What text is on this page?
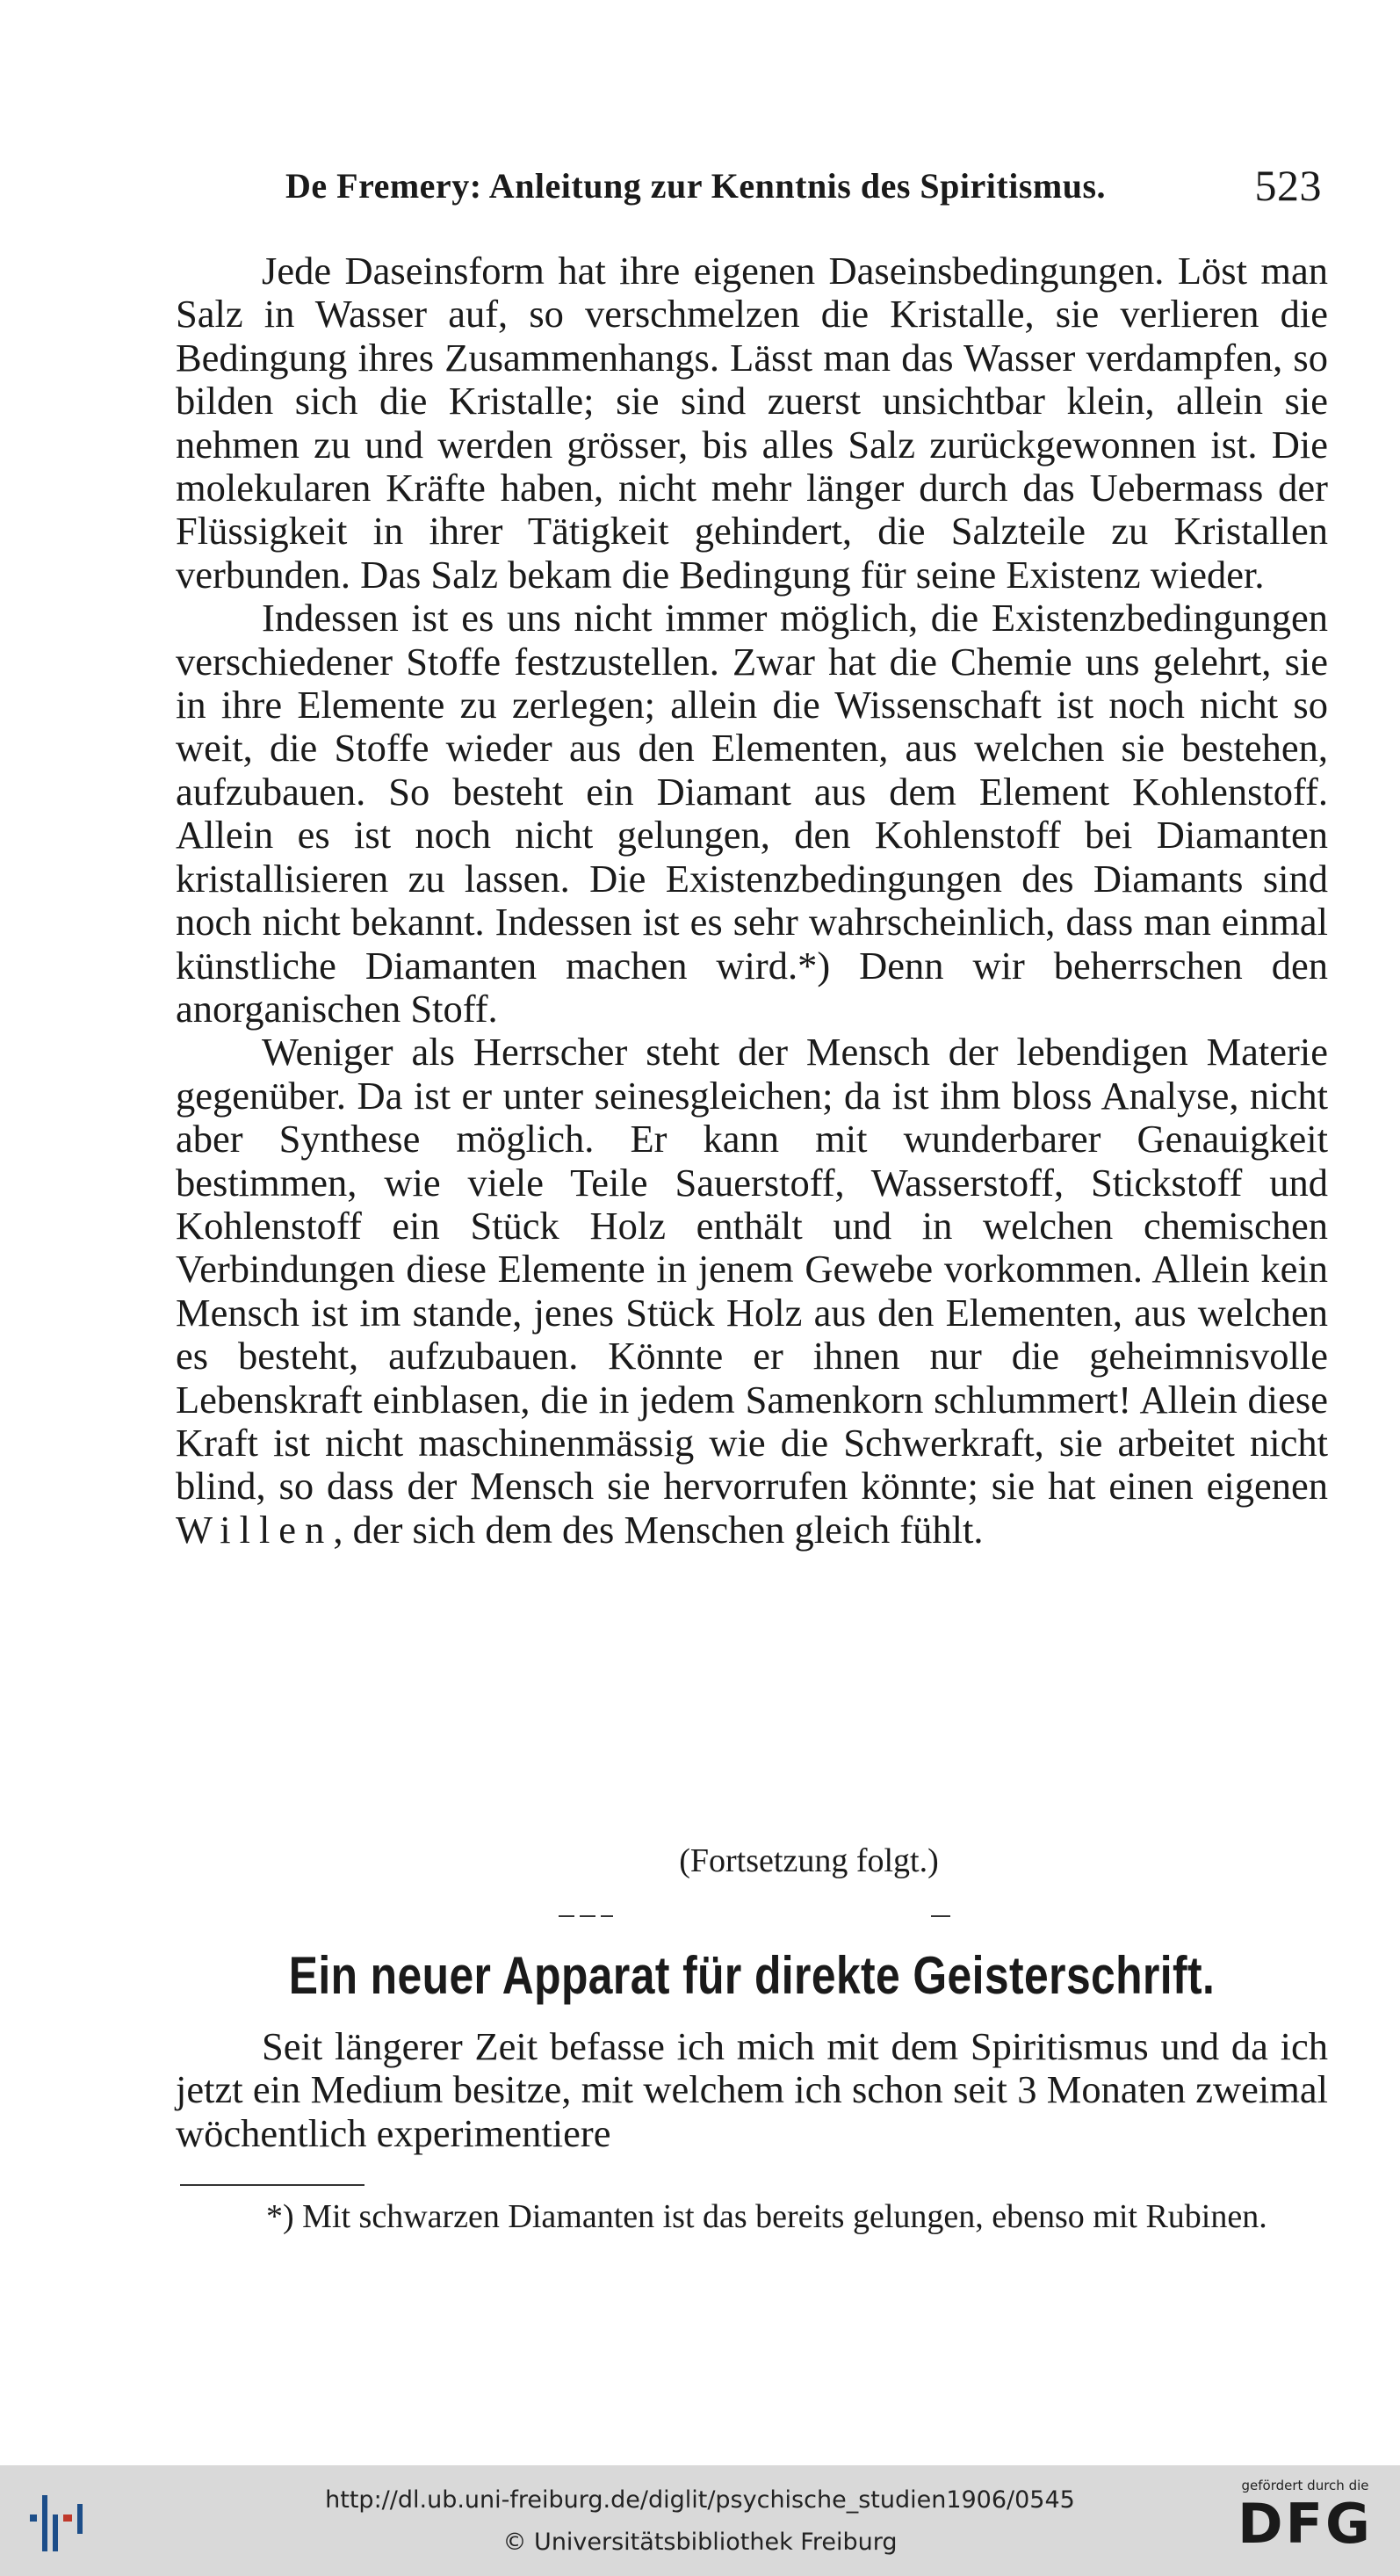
De Fremery: Anleitung zur Kenntnis des Spiritismus.	523

Jede Daseinsform hat ihre eigenen Daseinsbedingungen. Löst man Salz in Wasser auf, so verschmelzen die Kristalle, sie verlieren die Bedingung ihres Zusammenhangs. Lässt man das Wasser verdampfen, so bilden sich die Kristalle; sie sind zuerst unsichtbar klein, allein sie nehmen zu und werden grösser, bis alles Salz zurückgewonnen ist. Die molekularen Kräfte haben, nicht mehr länger durch das Uebermass der Flüssigkeit in ihrer Tätigkeit gehindert, die Salzteile zu Kristallen verbunden. Das Salz bekam die Bedingung für seine Existenz wieder.

Indessen ist es uns nicht immer möglich, die Existenzbedingungen verschiedener Stoffe festzustellen. Zwar hat die Chemie uns gelehrt, sie in ihre Elemente zu zerlegen; allein die Wissenschaft ist noch nicht so weit, die Stoffe wieder aus den Elementen, aus welchen sie bestehen, aufzubauen. So besteht ein Diamant aus dem Element Kohlenstoff. Allein es ist noch nicht gelungen, den Kohlenstoff bei Diamanten kristallisieren zu lassen. Die Existenzbedingungen des Diamants sind noch nicht bekannt. Indessen ist es sehr wahrscheinlich, dass man einmal künstliche Diamanten machen wird.*) Denn wir beherrschen den anorganischen Stoff.

Weniger als Herrscher steht der Mensch der lebendigen Materie gegenüber. Da ist er unter seinesgleichen; da ist ihm bloss Analyse, nicht aber Synthese möglich. Er kann mit wunderbarer Genauigkeit bestimmen, wie viele Teile Sauerstoff, Wasserstoff, Stickstoff und Kohlenstoff ein Stück Holz enthält und in welchen chemischen Verbindungen diese Elemente in jenem Gewebe vorkommen. Allein kein Mensch ist im stande, jenes Stück Holz aus den Elementen, aus welchen es besteht, aufzubauen. Könnte er ihnen nur die geheimnisvolle Lebenskraft einblasen, die in jedem Samenkorn schlummert! Allein diese Kraft ist nicht maschinenmässig wie die Schwerkraft, sie arbeitet nicht blind, so dass der Mensch sie hervorrufen könnte; sie hat einen eigenen Willen, der sich dem des Menschen gleich fühlt.

(Fortsetzung folgt.)
Ein neuer Apparat für direkte Geisterschrift.

Seit längerer Zeit befasse ich mich mit dem Spiritismus und da ich jetzt ein Medium besitze, mit welchem ich schon seit 3 Monaten zweimal wöchentlich experimentiere

*) Mit schwarzen Diamanten ist das bereits gelungen, ebenso mit Rubinen.
http://dl.ub.uni-freiburg.de/diglit/psychische_studien1906/0545
© Universitätsbibliothek Freiburg
gefördert durch die
DFG
